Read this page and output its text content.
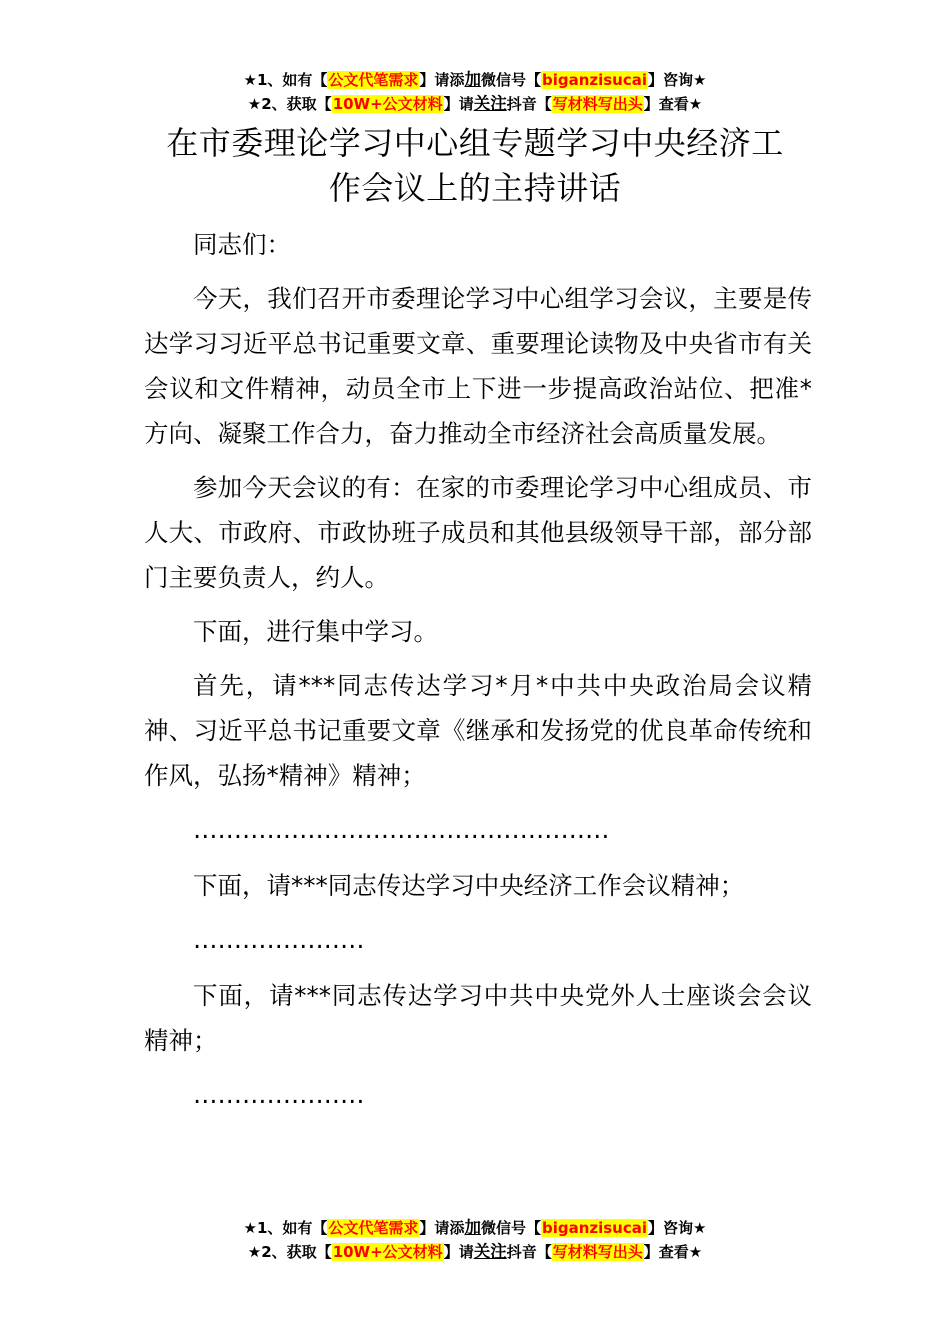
★1、如有【公文代笔需求】请添加微信号【biganzisucai】咨询★
★2、获取【10W+公文材料】请关注抖音【写材料写出头】查看★
在市委理论学习中心组专题学习中央经济工
作会议上的主持讲话

同志们：

今天，我们召开市委理论学习中心组学习会议，主要是传达学习习近平总书记重要文章、重要理论读物及中央省市有关会议和文件精神，动员全市上下进一步提高政治站位、把准*方向、凝聚工作合力，奋力推动全市经济社会高质量发展。

参加今天会议的有：在家的市委理论学习中心组成员、市人大、市政府、市政协班子成员和其他县级领导干部，部分部门主要负责人，约人。

下面，进行集中学习。

首先，请***同志传达学习*月*中共中央政治局会议精神、习近平总书记重要文章《继承和发扬党的优良革命传统和作风，弘扬*精神》精神；

……………………………………………

下面，请***同志传达学习中央经济工作会议精神；

…………………

下面，请***同志传达学习中共中央党外人士座谈会会议精神；

…………………

★1、如有【公文代笔需求】请添加微信号【biganzisucai】咨询★
★2、获取【10W+公文材料】请关注抖音【写材料写出头】查看★
